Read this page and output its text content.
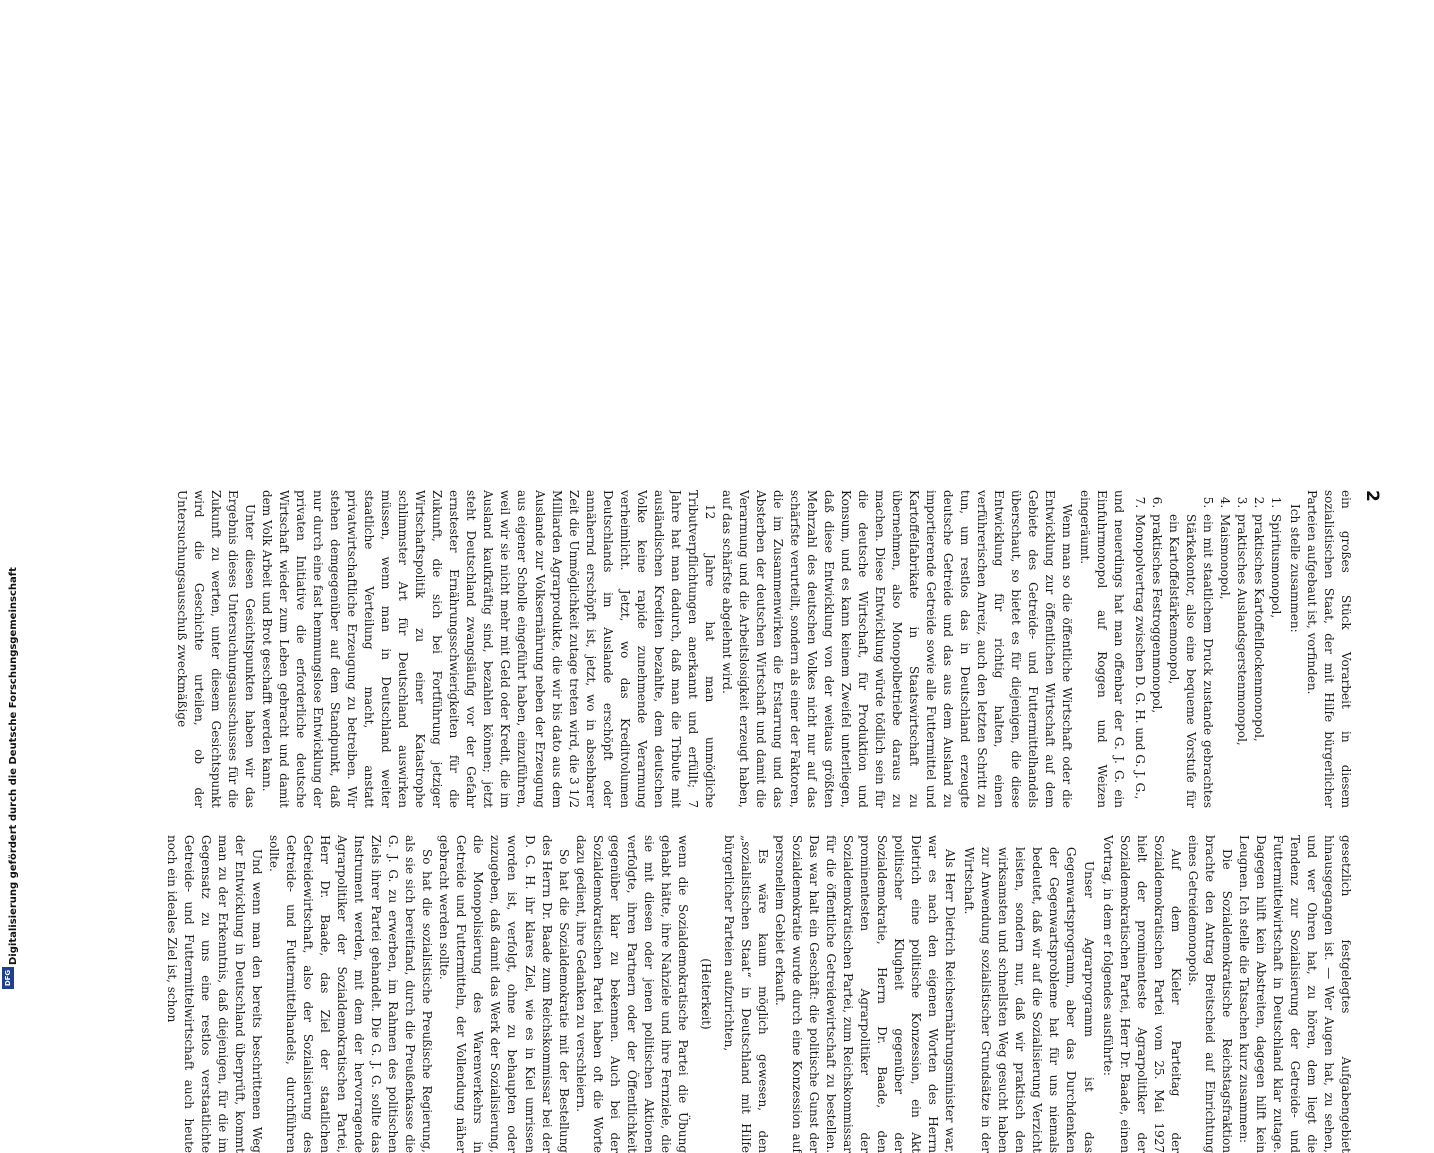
2

ein großes Stück Vorarbeit in diesem sozialistischen Staat, der mit Hilfe bürgerlicher Parteien aufgebaut ist, vorfinden.

Ich stelle zusammen:

1. Spiritusmonopol,
2. praktisches Kartoffelflockenmonopol,
3. praktisches Auslandsgerstenmonopol,
4. Maismonopol,
5. ein mit staatlichem Druck zustande gebrachtes Stärkekontor, also eine bequeme Vorstufe für ein Kartoffelstärkemonopol,
6. praktisches Festroggenmonopol,
7. Monopolvertrag zwischen D. G. H. und G. J. G.,

und neuerdings hat man offenbar der G. J. G. ein Einfuhrmonopol auf Roggen und Weizen eingeräumt.

Wenn man so die öffentliche Wirtschaft oder die Entwicklung zur öffentlichen Wirtschaft auf dem Gebiete des Getreide- und Futtermittelhandels überschaut, so bietet es für diejenigen, die diese Entwicklung für richtig halten, einen verführerischen Anreiz, auch den letzten Schritt zu tun, um restlos das in Deutschland erzeugte deutsche Getreide und das aus dem Ausland zu importierende Getreide sowie alle Futtermittel und Kartoffelfabrikate in Staatswirtschaft zu übernehmen, also Monopolbetriebe daraus zu machen. Diese Entwicklung würde tödlich sein für die deutsche Wirtschaft, für Produktion und Konsum, und es kann keinem Zweifel unterliegen, daß diese Entwicklung von der weitaus größten Mehrzahl des deutschen Volkes nicht nur auf das schärfste verurteilt, sondern als einer der Faktoren, die im Zusammenwirken die Erstarrung und das Absterben der deutschen Wirtschaft und damit die Verarmung und die Arbeitslosigkeit erzeugt haben, auf das schärfste abgelehnt wird.

12 Jahre hat man unmögliche Tributverpflichtungen anerkannt und erfüllt; 7 Jahre hat man dadurch, daß man die Tribute mit ausländischen Krediten bezahlte, dem deutschen Volke keine rapide zunehmende Verarmung verheimlicht. Jetzt, wo das Kreditvolumen Deutschlands im Auslande erschöpft oder annähernd erschöpft ist, jetzt, wo in absehbarer Zeit die Unmöglichkeit zutage treten wird, die 3 1/2 Milliarden Agrarprodukte, die wir bis dato aus dem Auslande zur Volksernährung neben der Erzeugung aus eigener Scholle eingeführt haben, einzuführen, weil wir sie nicht mehr mit Geld oder Kredit, die im Ausland kaufkräftig sind, bezahlen können; jetzt steht Deutschland zwangsläufig vor der Gefahr ernstester Ernährungsschwierigkeiten für die Zukunft, die sich bei Fortführung jetziger Wirtschaftspolitik zu einer Katastrophe schlimmster Art für Deutschland auswirken müssen, wenn man in Deutschland weiter staatliche Verteilung macht, anstatt privatwirtschaftliche Erzeugung zu betreiben. Wir stehen demgegenüber auf dem Standpunkt, daß nur durch eine fast hemmungslose Entwicklung der privaten Initiative die erforderliche deutsche Wirtschaft wieder zum Leben gebracht und damit dem Volk Arbeit und Brot geschafft werden kann.

Unter diesen Gesichtspunkten haben wir das Ergebnis dieses Untersuchungsausschusses für die Zukunft zu werten, unter diesem Gesichtspunkt wird die Geschichte urteilen, ob der Untersuchungsausschuß zweckmäßige

gesetzlich festgelegtes Aufgabengebiet hinausgegangen ist. — Wer Augen hat, zu sehen, und wer Ohren hat, zu hören, dem liegt die Tendenz zur Sozialisierung der Getreide- und Futtermittelwirtschaft in Deutschland klar zutage. Dagegen hilft kein Abstreiten, dagegen hilft kein Leugnen. Ich stelle die Tatsachen kurz zusammen:

Die Sozialdemokratische Reichstagsfraktion brachte den Antrag Breitscheid auf Einrichtung eines Getreidemonopols.

Auf dem Kieler Parteitag der Sozialdemokratischen Partei vom 25. Mai 1927 hielt der prominenteste Agrarpolitiker der Sozialdemokratischen Partei, Herr Dr. Baade, einen Vortrag, in dem er folgendes ausführte:

Unser Agrarprogramm ist das Gegenwartsprogramm, aber das Durchdenken der Gegenwartsprobleme hat für uns niemals bedeutet, daß wir auf die Sozialisierung Verzicht leisten, sondern nur, daß wir praktisch den wirksamsten und schnellsten Weg gesucht haben zur Anwendung sozialistischer Grundsätze in der Wirtschaft.

Als Herr Dietrich Reichsernährungsminister war, war es nach den eigenen Worten des Herrn Dietrich eine politische Konzession, ein Akt politischer Klugheit gegenüber der Sozialdemokratie, Herrn Dr. Baade, den prominentesten Agrarpolitiker der Sozialdemokratischen Partei, zum Reichskommissar für die öffentliche Getreidewirtschaft zu bestellen. Das war halt ein Geschäft: die politische Gunst der Sozialdemokratie wurde durch eine Konzession auf personellem Gebiet erkauft.

Es wäre kaum möglich gewesen, den „sozialistischen Staat“ in Deutschland mit Hilfe bürgerlicher Parteien aufzurichten,

(Heiterkeit)

wenn die Sozialdemokratische Partei die Übung gehabt hätte, ihre Nahziele und ihre Fernziele, die sie mit diesen oder jenen politischen Aktionen verfolgte, ihren Partnern oder der Öffentlichkeit gegenüber klar zu bekennen. Auch bei der Sozialdemokratischen Partei haben oft die Worte dazu gedient, ihre Gedanken zu verschleiern.

So hat die Sozialdemokratie mit der Bestellung des Herrn Dr. Baade zum Reichskommissar bei der D. G. H. ihr klares Ziel, wie es in Kiel umrissen worden ist, verfolgt, ohne zu behaupten oder zuzugeben, daß damit das Werk der Sozialisierung, die Monopolisierung des Warenverkehrs in Getreide und Futtermitteln, der Vollendung näher gebracht werden sollte.

So hat die sozialistische Preußische Regierung, als sie sich bereitfand, durch die Preußenkasse die G. J. G. zu erwerben, im Rahmen des politischen Ziels ihrer Partei gehandelt. Die G. J. G. sollte das Instrument werden, mit dem der hervorragende Agrarpolitiker der Sozialdemokratischen Partei, Herr Dr. Baade, das Ziel der staatlichen Getreidewirtschaft, also der Sozialisierung des Getreide- und Futtermittelhandels, durchführen sollte.

Und wenn man den bereits beschrittenen Weg der Entwicklung in Deutschland überprüft, kommt man zu der Erkenntnis, daß diejenigen, für die im Gegensatz zu uns eine restlos verstaatlichte Getreide- und Futtermittelwirtschaft auch heute noch ein ideales Ziel ist, schon

Digitalisierung gefördert durch die Deutsche Forschungsgemeinschaft
DFG
